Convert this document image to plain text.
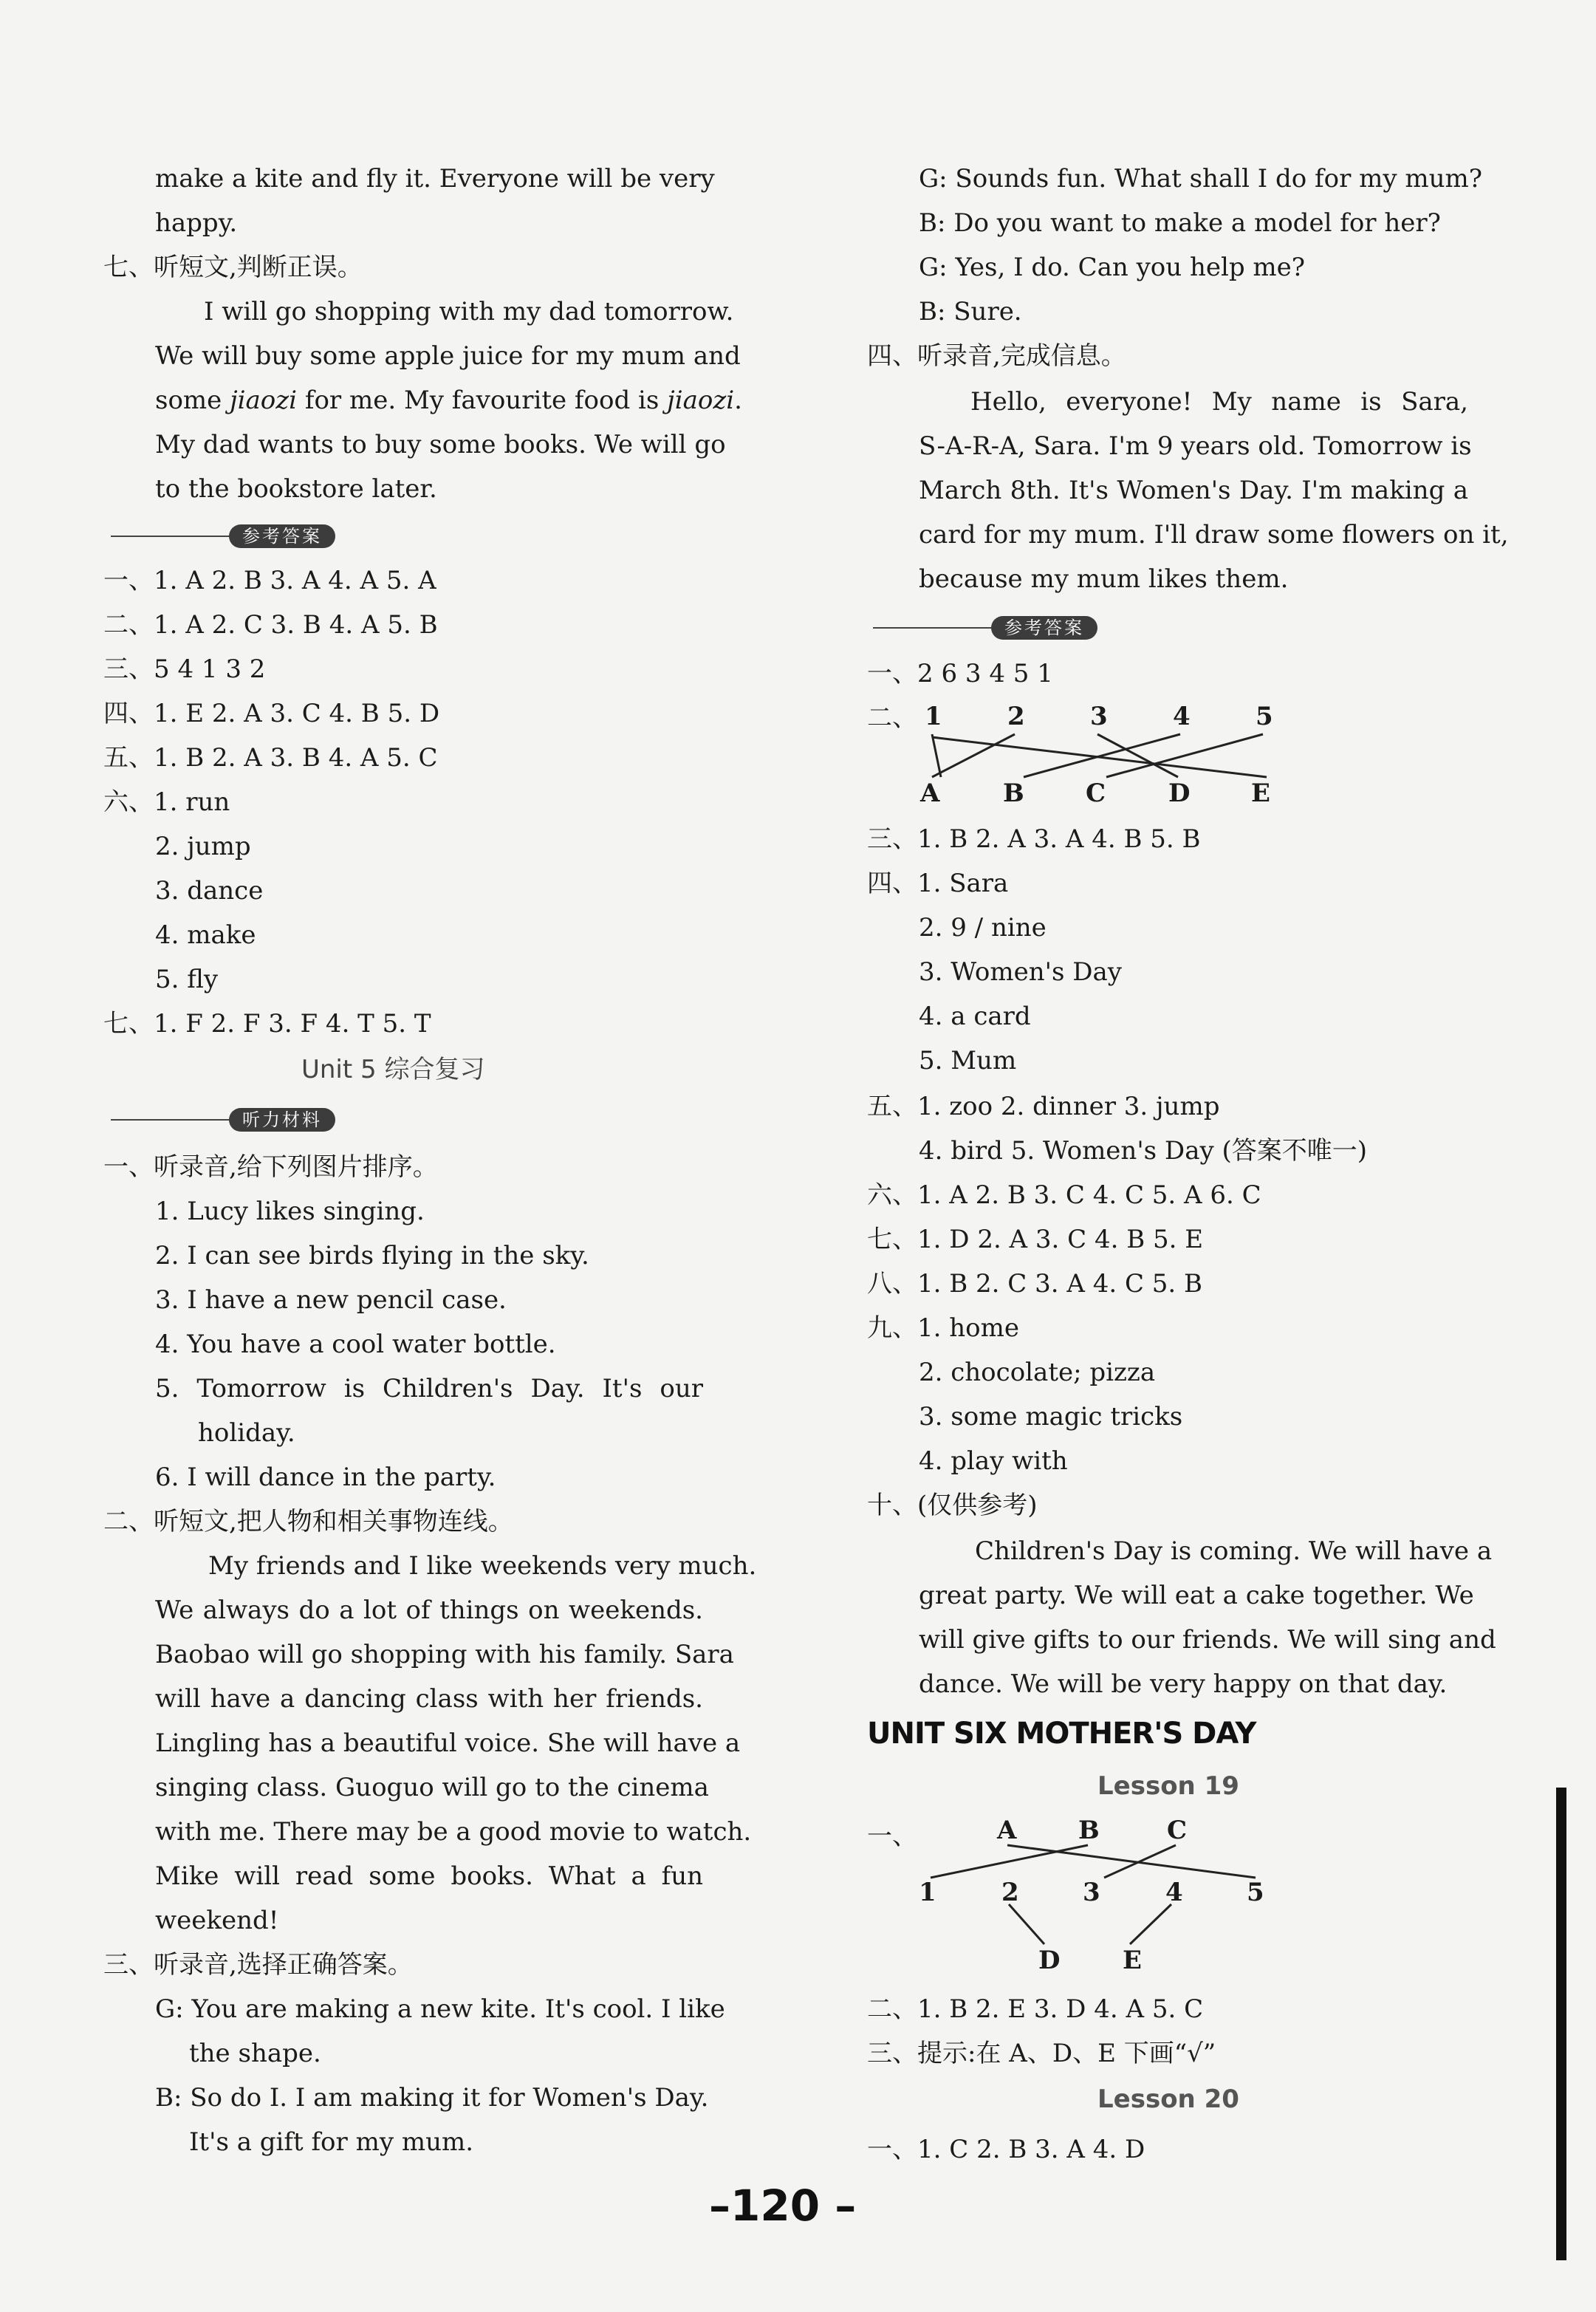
make a kite and fly it. Everyone will be very
happy.
七、听短文,判断正误。
I will go shopping with my dad tomorrow.
We will buy some apple juice for my mum and
some jiaozi for me. My favourite food is jiaozi.
My dad wants to buy some books. We will go
to the bookstore later.
参考答案
一、1. A 2. B 3. A 4. A 5. A
二、1. A 2. C 3. B 4. A 5. B
三、5 4 1 3 2
四、1. E 2. A 3. C 4. B 5. D
五、1. B 2. A 3. B 4. A 5. C
六、1. run
2. jump
3. dance
4. make
5. fly
七、1. F 2. F 3. F 4. T 5. T
Unit 5 综合复习
听力材料
一、听录音,给下列图片排序。
1. Lucy likes singing.
2. I can see birds flying in the sky.
3. I have a new pencil case.
4. You have a cool water bottle.
5. Tomorrow is Children's Day. It's our
holiday.
6. I will dance in the party.
二、听短文,把人物和相关事物连线。
My friends and I like weekends very much.
We always do a lot of things on weekends.
Baobao will go shopping with his family. Sara
will have a dancing class with her friends.
Lingling has a beautiful voice. She will have a
singing class. Guoguo will go to the cinema
with me. There may be a good movie to watch.
Mike will read some books. What a fun
weekend!
三、听录音,选择正确答案。
G: You are making a new kite. It's cool. I like
the shape.
B: So do I. I am making it for Women's Day.
It's a gift for my mum.
G: Sounds fun. What shall I do for my mum?
B: Do you want to make a model for her?
G: Yes, I do. Can you help me?
B: Sure.
四、听录音,完成信息。
Hello, everyone! My name is Sara,
S-A-R-A, Sara. I'm 9 years old. Tomorrow is
March 8th. It's Women's Day. I'm making a
card for my mum. I'll draw some flowers on it,
because my mum likes them.
参考答案
一、2 6 3 4 5 1
二、 1	2	3	4	5
A	B C D E
三、1. B 2. A 3. A 4. B 5. B
四、1. Sara
2. 9 / nine
3. Women's Day
4. a card
5. Mum
五、1. zoo 2. dinner 3. jump
4. bird 5. Women's Day (答案不唯一)
六、1. A 2. B 3. C 4. C 5. A 6. C
七、1. D 2. A 3. C 4. B 5. E
八、1. B 2. C 3. A 4. C 5. B
九、1. home
2. chocolate; pizza
3. some magic tricks
4. play with
十、(仅供参考)
Children's Day is coming. We will have a
great party. We will eat a cake together. We
will give gifts to our friends. We will sing and
dance. We will be very happy on that day.
UNIT SIX MOTHER'S DAY
Lesson 19
一、	A B	C
1	2	3	4	5
D E
二、1. B 2. E 3. D 4. A 5. C
三、提示:在 A、D、E 下画“√”
Lesson 20
一、1. C 2. B 3. A 4. D
–120 –
